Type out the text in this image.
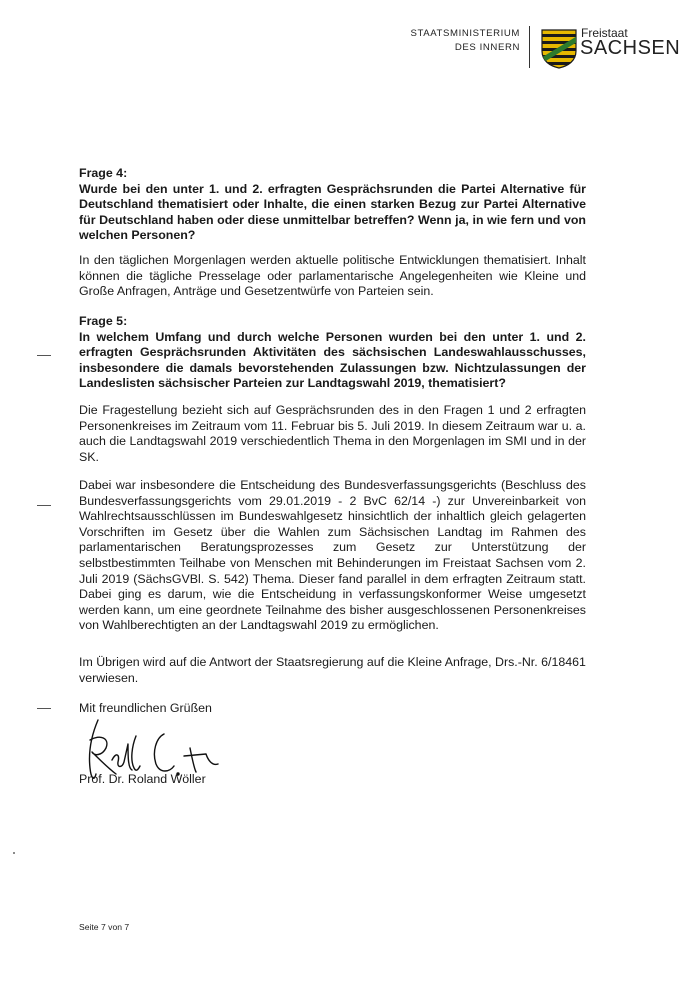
STAATSMINISTERIUM
DES INNERN
Freistaat
SACHSEN

Frage 4:

Wurde bei den unter 1. und 2. erfragten Gesprächsrunden die Partei Alternative für Deutschland thematisiert oder Inhalte, die einen starken Bezug zur Partei Alternative für Deutschland haben oder diese unmittelbar betreffen? Wenn ja, in wie fern und von welchen Personen?

In den täglichen Morgenlagen werden aktuelle politische Entwicklungen thematisiert. Inhalt können die tägliche Presselage oder parlamentarische Angelegenheiten wie Kleine und Große Anfragen, Anträge und Gesetzentwürfe von Parteien sein.

Frage 5:

In welchem Umfang und durch welche Personen wurden bei den unter 1. und 2. erfragten Gesprächsrunden Aktivitäten des sächsischen Landeswahlausschusses, insbesondere die damals bevorstehenden Zulassungen bzw. Nichtzulassungen der Landeslisten sächsischer Parteien zur Landtagswahl 2019, thematisiert?

Die Fragestellung bezieht sich auf Gesprächsrunden des in den Fragen 1 und 2 erfragten Personenkreises im Zeitraum vom 11. Februar bis 5. Juli 2019. In diesem Zeitraum war u. a. auch die Landtagswahl 2019 verschiedentlich Thema in den Morgenlagen im SMI und in der SK.
Dabei war insbesondere die Entscheidung des Bundesverfassungsgerichts (Beschluss des Bundesverfassungsgerichts vom 29.01.2019 - 2 BvC 62/14 -) zur Unvereinbarkeit von Wahlrechtsausschlüssen im Bundeswahlgesetz hinsichtlich der inhaltlich gleich gelagerten Vorschriften im Gesetz über die Wahlen zum Sächsischen Landtag im Rahmen des parlamentarischen Beratungsprozesses zum Gesetz zur Unterstützung der selbstbestimmten Teilhabe von Menschen mit Behinderungen im Freistaat Sachsen vom 2. Juli 2019 (SächsGVBl. S. 542) Thema. Dieser fand parallel in dem erfragten Zeitraum statt. Dabei ging es darum, wie die Entscheidung in verfassungskonformer Weise umgesetzt werden kann, um eine geordnete Teilnahme des bisher ausgeschlossenen Personenkreises von Wahlberechtigten an der Landtagswahl 2019 zu ermöglichen.
Im Übrigen wird auf die Antwort der Staatsregierung auf die Kleine Anfrage, Drs.-Nr. 6/18461 verwiesen.
Mit freundlichen Grüßen
Prof. Dr. Roland Wöller
Seite 7 von 7
